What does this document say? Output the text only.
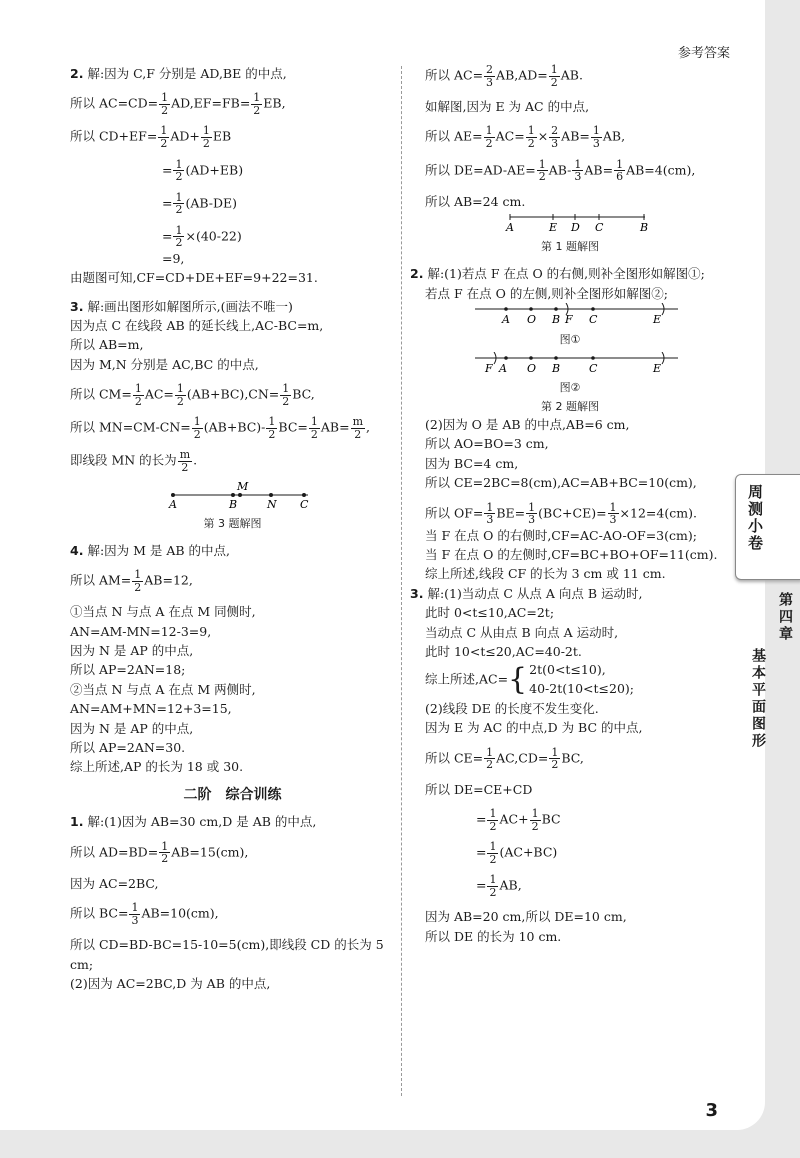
参考答案

2. 解:因为 C,F 分别是 AD,BE 的中点,

所以 $AC=CD= \frac{1}{2} AD,EF=FB= \frac{1}{2}$ EB,

所以 $CD+EF= \frac{1}{2} AD+ \frac{1}{2}$ EB

= $\frac{1}{2} (AD+EB)$

= $\frac{1}{2} (AB-DE)$

= $\frac{1}{2} \times(40-22)$

=9,

由题图可知,CF=CD+DE+EF=9+22=31.

3. 解:画出图形如解图所示,(画法不唯一)

因为点 C 在线段 AB 的延长线上,AC-BC=m,

所以 AB=m,

因为 M,N 分别是 AC,BC 的中点,

所以 $CM= \frac{1}{2} AC= \frac{1}{2} (AB+BC),CN= \frac{1}{2}$ BC,

所以 $MN=CM-CN= \frac{1}{2} (AB+BC)- \frac{1}{2} BC= \frac{1}{2} AB= \frac{m}{2}$ ,

即线段 MN 的长为 $\frac{m}{2}$ .

A
M
B	N C
第 3 题解图

4. 解:因为 M 是 AB 的中点,

所以 $AM= \frac{1}{2} AB=12$,

①当点 N 与点 A 在点 M 同侧时,

AN=AM-MN=12-3=9,

因为 N 是 AP 的中点,

所以 AP=2AN=18;

②当点 N 与点 A 在点 M 两侧时,

AN=AM+MN=12+3=15,

因为 N 是 AP 的中点,

所以 AP=2AN=30.

综上所述,AP 的长为 18 或 30.

二阶　综合训练

1. 解:(1)因为 AB=30 cm,D 是 AB 的中点,

所以 $AD=BD= \frac{1}{2} AB=15(cm)$,

因为 AC=2BC,

所以 $BC= \frac{1}{3} AB=10(cm)$,

所以 CD=BD-BC=15-10=5(cm),即线段 CD 的长为 5 cm;

(2)因为 AC=2BC,D 为 AB 的中点,

所以 $AC= \frac{2}{3} AB,AD= \frac{1}{2}$ AB.

如解图,因为 E 为 AC 的中点,

所以 $AE= \frac{1}{2} AC= \frac{1}{2} \times \frac{2}{3} AB= \frac{1}{3}$ AB,

所以 $DE=AD-AE= \frac{1}{2} AB- \frac{1}{3} AB= \frac{1}{6} AB=4(cm)$,

所以 AB=24 cm.

A	E D C	B
第 1 题解图

2. 解:(1)若点 F 在点 O 的右侧,则补全图形如解图①;

若点 F 在点 O 的左侧,则补全图形如解图②;

A O B F C	E
图①
F A O B	C	E
图②
第 2 题解图

(2)因为 O 是 AB 的中点,AB=6 cm,

所以 AO=BO=3 cm,

因为 BC=4 cm,

所以 CE=2BC=8(cm),AC=AB+BC=10(cm),

所以 $OF= \frac{1}{3} BE= \frac{1}{3} (BC+CE)= \frac{1}{3} \times 12=4(cm)$.

当 F 在点 O 的右侧时,CF=AC-AO-OF=3(cm);

当 F 在点 O 的左侧时,CF=BC+BO+OF=11(cm).

综上所述,线段 CF 的长为 3 cm 或 11 cm.

3. 解:(1)当动点 C 从点 A 向点 B 运动时,

此时 0<t≤10,AC=2t;

当动点 C 从由点 B 向点 A 运动时,

此时 10<t≤20,AC=40-2t.

综上所述,AC={ 2t(0<t≤10),
40-2t(10<t≤20);

(2)线段 DE 的长度不发生变化.

因为 E 为 AC 的中点,D 为 BC 的中点,

所以 $CE= \frac{1}{2} AC,CD= \frac{1}{2}$ BC,

所以 DE=CE+CD

= $\frac{1}{2} AC+ \frac{1}{2}$ BC

= $\frac{1}{2} (AC+BC)$

= $\frac{1}{2}$ AB,

因为 AB=20 cm,所以 DE=10 cm,

所以 DE 的长为 10 cm.

周测小卷
第四章
基本平面图形
3
